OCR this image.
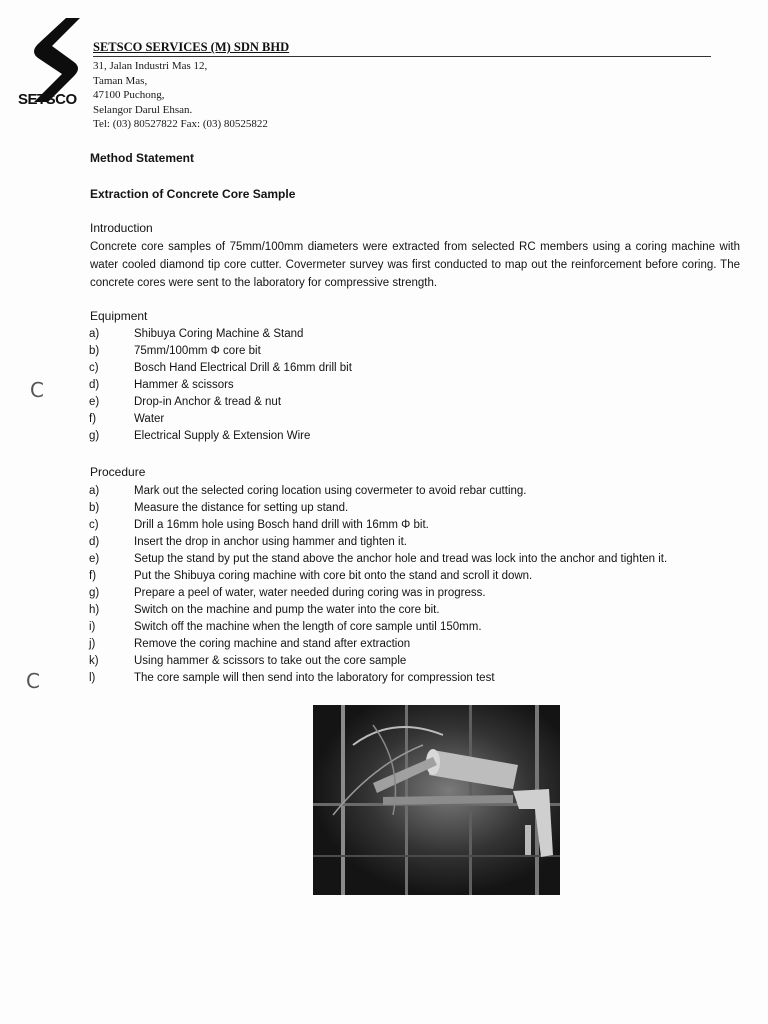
SETSCO
SETSCO SERVICES (M) SDN BHD
31, Jalan Industri Mas 12,
Taman Mas,
47100 Puchong,
Selangor Darul Ehsan.
Tel: (03) 80527822 Fax: (03) 80525822
Method Statement
Extraction of Concrete Core Sample
Introduction

Concrete core samples of 75mm/100mm diameters were extracted from selected RC members using a coring machine with water cooled diamond tip core cutter. Covermeter survey was first conducted to map out the reinforcement before coring. The concrete cores were sent to the laboratory for compressive strength.

Equipment
a)	Shibuya Coring Machine & Stand
b)	75mm/100mm Φ core bit
c)	Bosch Hand Electrical Drill & 16mm drill bit
d)	Hammer & scissors
e)	Drop-in Anchor & tread & nut
f)	Water
g)	Electrical Supply & Extension Wire
Procedure
a)	Mark out the selected coring location using covermeter to avoid rebar cutting.
b)	Measure the distance for setting up stand.
c)	Drill a 16mm hole using Bosch hand drill with 16mm Φ bit.
d)	Insert the drop in anchor using hammer and tighten it.
e)	Setup the stand by put the stand above the anchor hole and tread was lock into the anchor and tighten it.
f)	Put the Shibuya coring machine with core bit onto the stand and scroll it down.
g)	Prepare a peel of water, water needed during coring was in progress.
h)	Switch on the machine and pump the water into the core bit.
i)	Switch off the machine when the length of core sample until 150mm.
j)	Remove the coring machine and stand after extraction
k)	Using hammer & scissors to take out the core sample
l)	The core sample will then send into the laboratory for compression test
C
C
